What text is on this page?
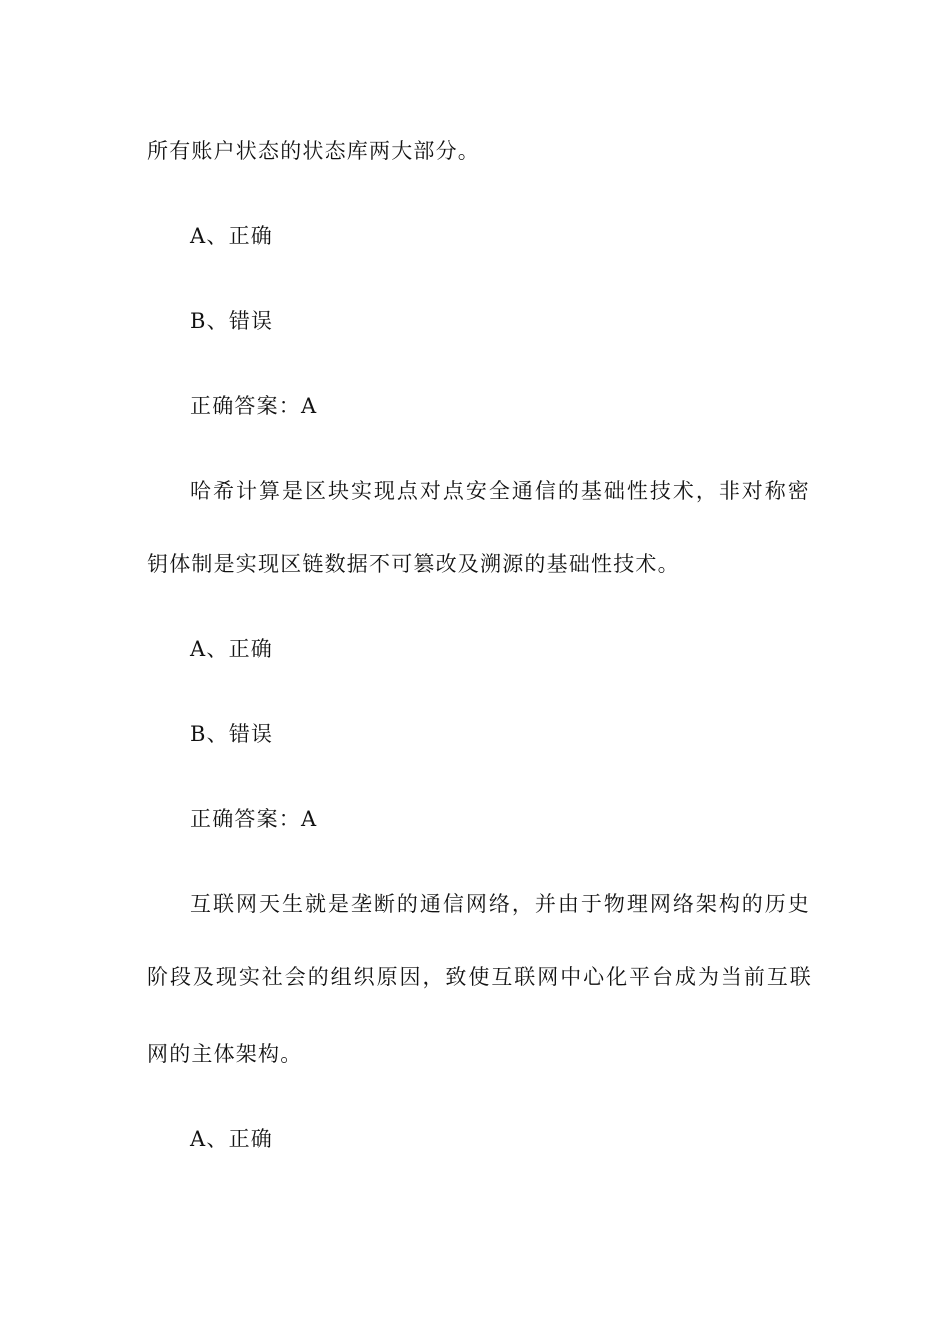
所有账户状态的状态库两大部分。
A、正确
B、错误
正确答案：A
哈希计算是区块实现点对点安全通信的基础性技术，非对称密
钥体制是实现区链数据不可篡改及溯源的基础性技术。
A、正确
B、错误
正确答案：A
互联网天生就是垄断的通信网络，并由于物理网络架构的历史
阶段及现实社会的组织原因，致使互联网中心化平台成为当前互联
网的主体架构。
A、正确
